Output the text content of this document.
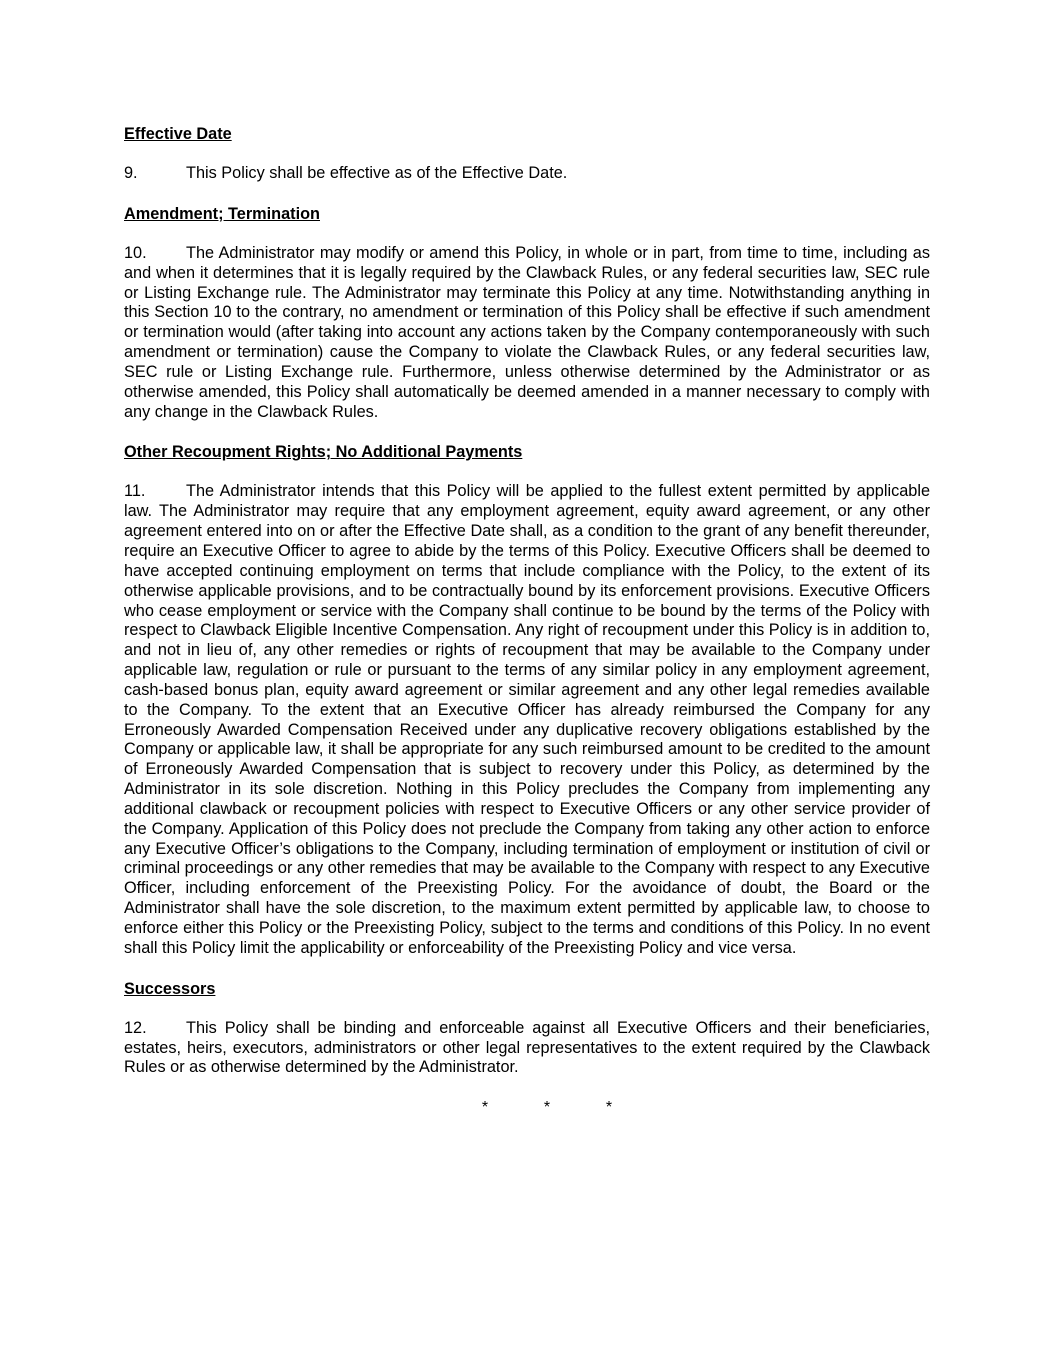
Effective Date
9.	This Policy shall be effective as of the Effective Date.
Amendment; Termination
10. The Administrator may modify or amend this Policy, in whole or in part, from time to time, including as and when it determines that it is legally required by the Clawback Rules, or any federal securities law, SEC rule or Listing Exchange rule. The Administrator may terminate this Policy at any time. Notwithstanding anything in this Section 10 to the contrary, no amendment or termination of this Policy shall be effective if such amendment or termination would (after taking into account any actions taken by the Company contemporaneously with such amendment or termination) cause the Company to violate the Clawback Rules, or any federal securities law, SEC rule or Listing Exchange rule. Furthermore, unless otherwise determined by the Administrator or as otherwise amended, this Policy shall automatically be deemed amended in a manner necessary to comply with any change in the Clawback Rules.
Other Recoupment Rights; No Additional Payments
11. The Administrator intends that this Policy will be applied to the fullest extent permitted by applicable law. The Administrator may require that any employment agreement, equity award agreement, or any other agreement entered into on or after the Effective Date shall, as a condition to the grant of any benefit thereunder, require an Executive Officer to agree to abide by the terms of this Policy. Executive Officers shall be deemed to have accepted continuing employment on terms that include compliance with the Policy, to the extent of its otherwise applicable provisions, and to be contractually bound by its enforcement provisions. Executive Officers who cease employment or service with the Company shall continue to be bound by the terms of the Policy with respect to Clawback Eligible Incentive Compensation. Any right of recoupment under this Policy is in addition to, and not in lieu of, any other remedies or rights of recoupment that may be available to the Company under applicable law, regulation or rule or pursuant to the terms of any similar policy in any employment agreement, cash-based bonus plan, equity award agreement or similar agreement and any other legal remedies available to the Company. To the extent that an Executive Officer has already reimbursed the Company for any Erroneously Awarded Compensation Received under any duplicative recovery obligations established by the Company or applicable law, it shall be appropriate for any such reimbursed amount to be credited to the amount of Erroneously Awarded Compensation that is subject to recovery under this Policy, as determined by the Administrator in its sole discretion. Nothing in this Policy precludes the Company from implementing any additional clawback or recoupment policies with respect to Executive Officers or any other service provider of the Company. Application of this Policy does not preclude the Company from taking any other action to enforce any Executive Officer’s obligations to the Company, including termination of employment or institution of civil or criminal proceedings or any other remedies that may be available to the Company with respect to any Executive Officer, including enforcement of the Preexisting Policy. For the avoidance of doubt, the Board or the Administrator shall have the sole discretion, to the maximum extent permitted by applicable law, to choose to enforce either this Policy or the Preexisting Policy, subject to the terms and conditions of this Policy. In no event shall this Policy limit the applicability or enforceability of the Preexisting Policy and vice versa.
Successors
12. This Policy shall be binding and enforceable against all Executive Officers and their beneficiaries, estates, heirs, executors, administrators or other legal representatives to the extent required by the Clawback Rules or as otherwise determined by the Administrator.
*	*	*
